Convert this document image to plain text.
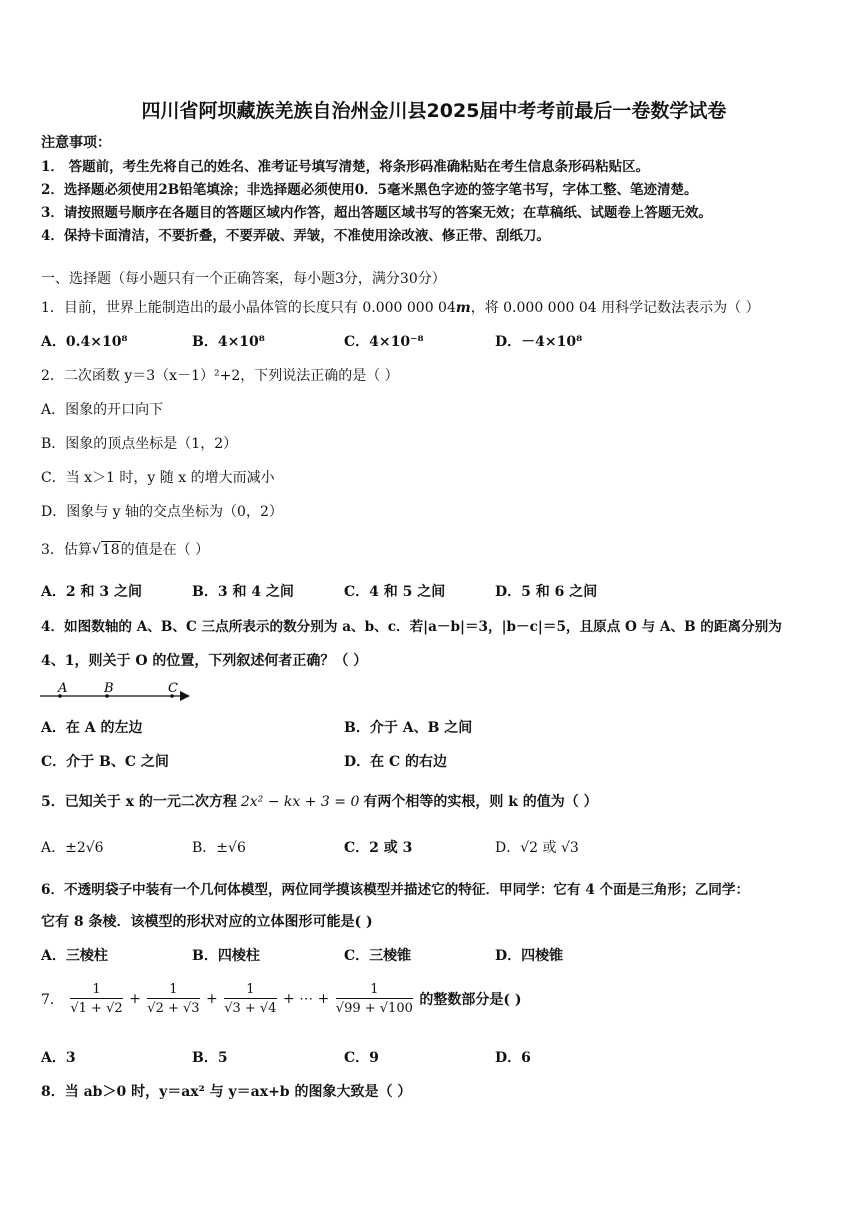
四川省阿坝藏族羌族自治州金川县2025届中考考前最后一卷数学试卷
注意事项：
1． 答题前，考生先将自己的姓名、准考证号填写清楚，将条形码准确粘贴在考生信息条形码粘贴区。
2．选择题必须使用2B铅笔填涂；非选择题必须使用0．5毫米黑色字迹的签字笔书写，字体工整、笔迹清楚。
3．请按照题号顺序在各题目的答题区域内作答，超出答题区域书写的答案无效；在草稿纸、试题卷上答题无效。
4．保持卡面清洁，不要折叠，不要弄破、弄皱，不准使用涂改液、修正带、刮纸刀。
一、选择题（每小题只有一个正确答案，每小题3分，满分30分）
1．目前，世界上能制造出的最小晶体管的长度只有 0.000 000 04m，将 0.000 000 04 用科学记数法表示为（ ）
A．0.4×10⁸	B．4×10⁸	C．4×10⁻⁸	D．－4×10⁸
2．二次函数 y＝3（x－1）²+2，下列说法正确的是（ ）
A．图象的开口向下
B．图象的顶点坐标是（1，2）
C．当 x＞1 时，y 随 x 的增大而减小
D．图象与 y 轴的交点坐标为（0，2）
3．估算√18的值是在（ ）
A．2 和 3 之间	B．3 和 4 之间	C．4 和 5 之间	D．5 和 6 之间
4．如图数轴的 A、B、C 三点所表示的数分别为 a、b、c．若|a－b|＝3，|b－c|＝5，且原点 O 与 A、B 的距离分别为
4、1，则关于 O 的位置，下列叙述何者正确？（ ）
A	B	C
A．在 A 的左边	B．介于 A、B 之间
C．介于 B、C 之间	D．在 C 的右边
5．已知关于 x 的一元二次方程 2x² − kx + 3 = 0 有两个相等的实根，则 k 的值为（ ）
A．±2√6	B．±√6	C．2 或 3	D．√2 或 √3
6．不透明袋子中装有一个几何体模型，两位同学摸该模型并描述它的特征．甲同学：它有 4 个面是三角形；乙同学：
它有 8 条棱．该模型的形状对应的立体图形可能是( )
A．三棱柱	B．四棱柱	C．三棱锥	D．四棱锥
7． $\frac{1}{√1 + √2} + \frac{1}{√2 + √3} + \frac{1}{√3 + √4}$ + ⋯ + $\frac{1}{√99 + √100}$ 的整数部分是( )
A．3	B．5	C．9	D．6
8．当 ab＞0 时，y＝ax² 与 y＝ax+b 的图象大致是（ ）
